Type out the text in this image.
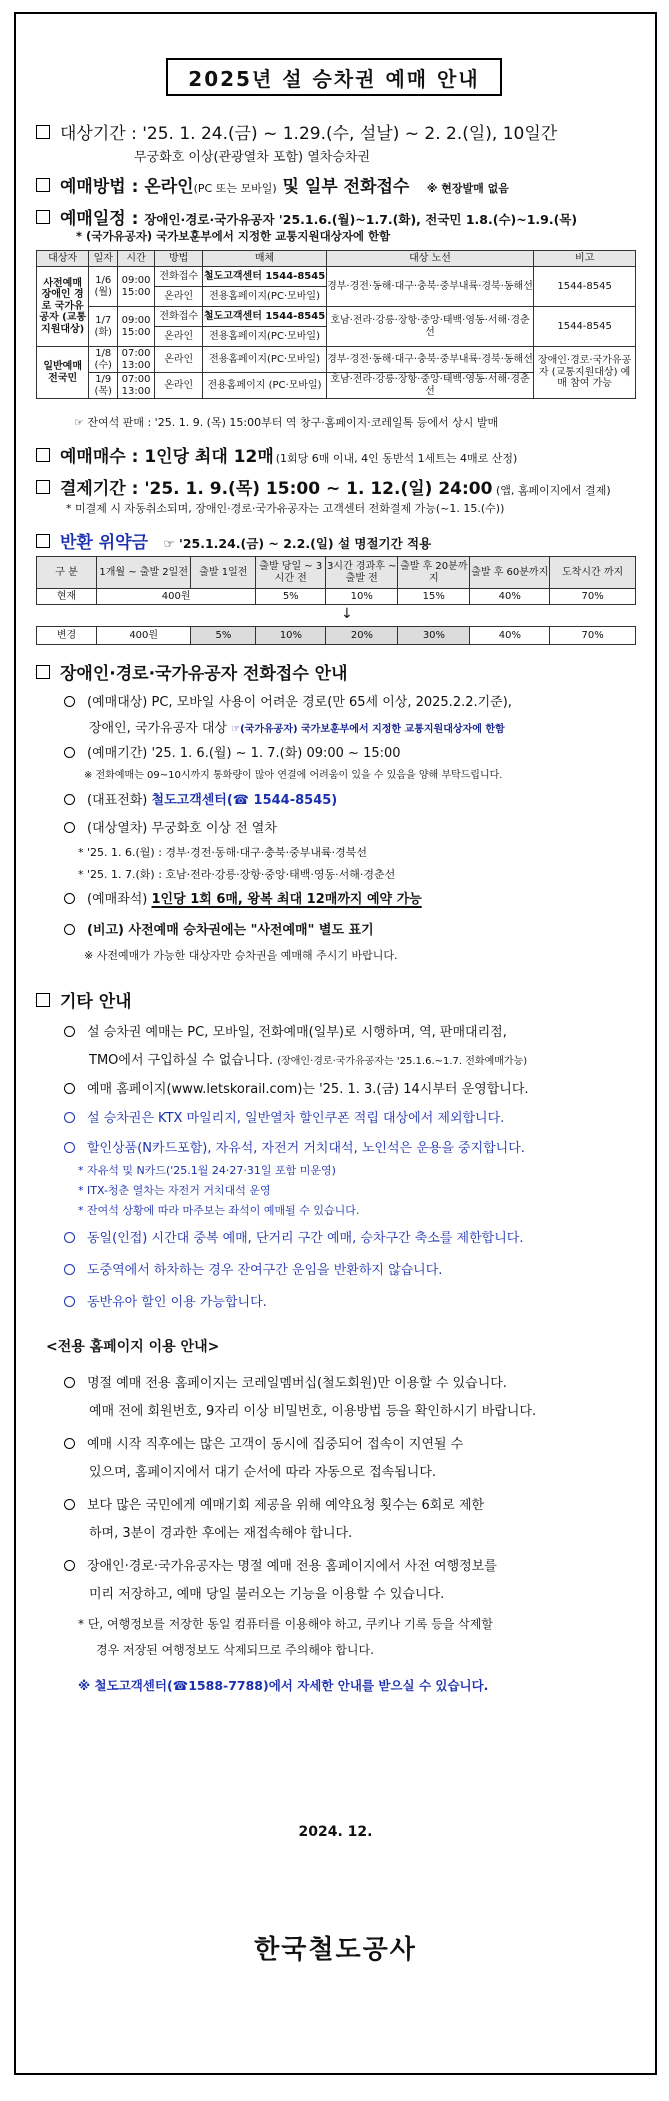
2025년 설 승차권 예매 안내
대상기간 : '25. 1. 24.(금) ~ 1.29.(수, 설날) ~ 2. 2.(일), 10일간
무궁화호 이상(관광열차 포함) 열차승차권
예매방법 : 온라인(PC 또는 모바일) 및 일부 전화접수 ※ 현장발매 없음
예매일정 : 장애인·경로·국가유공자 '25.1.6.(월)~1.7.(화), 전국민 1.8.(수)~1.9.(목)
* (국가유공자) 국가보훈부에서 지정한 교통지원대상자에 한함
대상자	일자	시간	방법	매체	대상 노선	비고
사전예매 장애인 경로 국가유공자 (교통지원대상)	1/6 (월)	09:00 15:00	전화접수	철도고객센터 1544-8545	경부·경전·동해·대구·충북·중부내륙·경북·동해선	1544-8545
			온라인	전용홈페이지(PC·모바일)		
	1/7 (화)	09:00 15:00	전화접수	철도고객센터 1544-8545	호남·전라·강릉·장항·중앙·태백·영동·서해·경춘선	1544-8545
			온라인	전용홈페이지(PC·모바일)		
일반예매 전국민	1/8 (수)	07:00 13:00	온라인	전용홈페이지(PC·모바일)	경부·경전·동해·대구·충북·중부내륙·경북·동해선	장애인·경로·국가유공자 (교통지원대상) 예매 참여 가능
	1/9 (목)	07:00 13:00	온라인	전용홈페이지 (PC·모바일)	호남·전라·강릉·장항·중앙·태백·영동·서해·경춘선	
☞ 잔여석 판매 : '25. 1. 9. (목) 15:00부터 역 창구·홈페이지·코레일톡 등에서 상시 발매
예매매수 : 1인당 최대 12매 (1회당 6매 이내, 4인 동반석 1세트는 4매로 산정)
결제기간 : '25. 1. 9.(목) 15:00 ~ 1. 12.(일) 24:00 (앱, 홈페이지에서 결제)
* 미결제 시 자동취소되며, 장애인·경로·국가유공자는 고객센터 전화결제 가능(~1. 15.(수))
반환 위약금 ☞ '25.1.24.(금) ~ 2.2.(일) 설 명절기간 적용
구 분	1개월 ~ 출발 2일전	출발 1일전	출발 당일 ~ 3시간 전	3시간 경과후 ~ 출발 전	출발 후 20분까지	출발 후 60분까지	도착시간 까지
현재	400원		5%	10%	15%	40%	70%
↓
변경	400원	5%	10%	20%	30%	40%	70%
장애인·경로·국가유공자 전화접수 안내
(예매대상) PC, 모바일 사용이 어려운 경로(만 65세 이상, 2025.2.2.기준),
장애인, 국가유공자 대상 ☞(국가유공자) 국가보훈부에서 지정한 교통지원대상자에 한함
(예매기간) '25. 1. 6.(월) ~ 1. 7.(화) 09:00 ~ 15:00
※ 전화예매는 09~10시까지 통화량이 많아 연결에 어려움이 있을 수 있음을 양해 부탁드립니다.
(대표전화) 철도고객센터(☎ 1544-8545)
(대상열차) 무궁화호 이상 전 열차
* '25. 1. 6.(월) : 경부·경전·동해·대구·충북·중부내륙·경북선
* '25. 1. 7.(화) : 호남·전라·강릉·장항·중앙·태백·영동·서해·경춘선
(예매좌석) 1인당 1회 6매, 왕복 최대 12매까지 예약 가능
(비고) 사전예매 승차권에는 "사전예매" 별도 표기
※ 사전예매가 가능한 대상자만 승차권을 예매해 주시기 바랍니다.
기타 안내
설 승차권 예매는 PC, 모바일, 전화예매(일부)로 시행하며, 역, 판매대리점,
TMO에서 구입하실 수 없습니다. (장애인·경로·국가유공자는 '25.1.6.~1.7. 전화예매가능)
예매 홈페이지(www.letskorail.com)는 '25. 1. 3.(금) 14시부터 운영합니다.
설 승차권은 KTX 마일리지, 일반열차 할인쿠폰 적립 대상에서 제외합니다.
할인상품(N카드포함), 자유석, 자전거 거치대석, 노인석은 운용을 중지합니다.
* 자유석 및 N카드('25.1월 24·27·31일 포함 미운영)
* ITX-청춘 열차는 자전거 거치대석 운영
* 잔여석 상황에 따라 마주보는 좌석이 예매될 수 있습니다.
동일(인접) 시간대 중복 예매, 단거리 구간 예매, 승차구간 축소를 제한합니다.
도중역에서 하차하는 경우 잔여구간 운임을 반환하지 않습니다.
동반유아 할인 이용 가능합니다.
<전용 홈페이지 이용 안내>
명절 예매 전용 홈페이지는 코레일멤버십(철도회원)만 이용할 수 있습니다.
예매 전에 회원번호, 9자리 이상 비밀번호, 이용방법 등을 확인하시기 바랍니다.
예매 시작 직후에는 많은 고객이 동시에 집중되어 접속이 지연될 수
있으며, 홈페이지에서 대기 순서에 따라 자동으로 접속됩니다.
보다 많은 국민에게 예매기회 제공을 위해 예약요청 횟수는 6회로 제한
하며, 3분이 경과한 후에는 재접속해야 합니다.
장애인·경로·국가유공자는 명절 예매 전용 홈페이지에서 사전 여행정보를
미리 저장하고, 예매 당일 불러오는 기능을 이용할 수 있습니다.
* 단, 여행정보를 저장한 동일 컴퓨터를 이용해야 하고, 쿠키나 기록 등을 삭제할
경우 저장된 여행정보도 삭제되므로 주의해야 합니다.
※ 철도고객센터(☎1588-7788)에서 자세한 안내를 받으실 수 있습니다.
2024. 12.
한국철도공사
